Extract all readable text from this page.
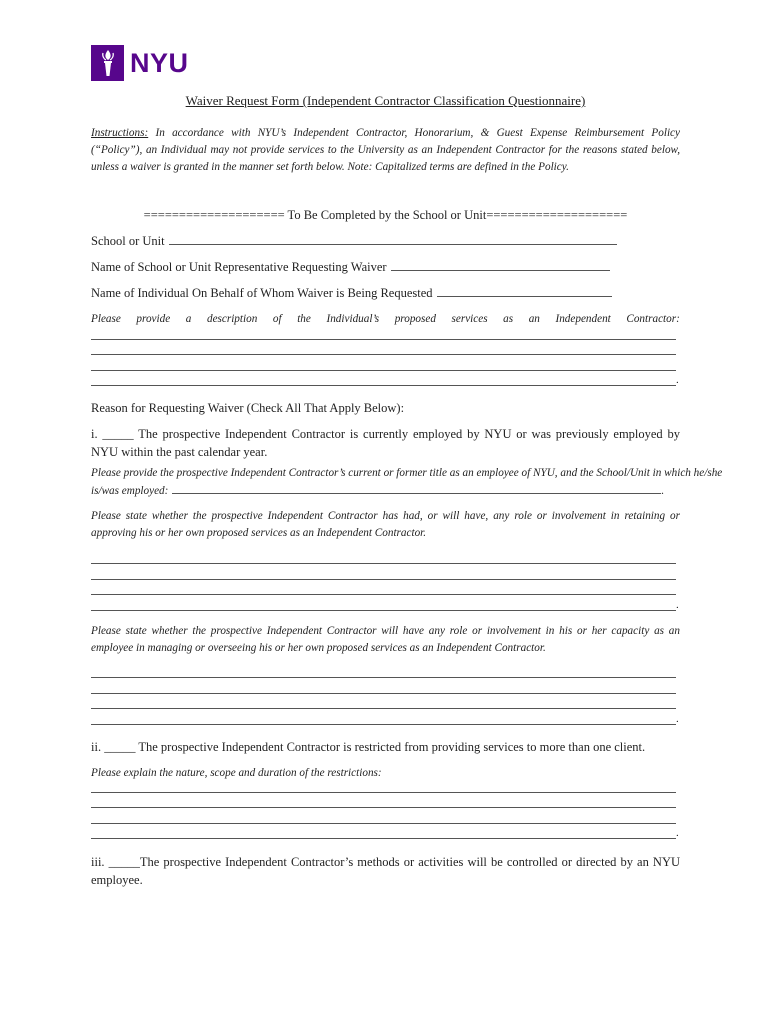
NYU
Waiver Request Form (Independent Contractor Classification Questionnaire)
Instructions: In accordance with NYU’s Independent Contractor, Honorarium, & Guest Expense Reimbursement Policy (“Policy”), an Individual may not provide services to the University as an Independent Contractor for the reasons stated below, unless a waiver is granted in the manner set forth below. Note: Capitalized terms are defined in the Policy.
==================== To Be Completed by the School or Unit====================
School or Unit
Name of School or Unit Representative Requesting Waiver
Name of Individual On Behalf of Whom Waiver is Being Requested
Please provide a description of the Individual’s proposed services as an Independent Contractor:
.
Reason for Requesting Waiver (Check All That Apply Below):
i. _____ The prospective Independent Contractor is currently employed by NYU or was previously employed by NYU within the past calendar year.
Please provide the prospective Independent Contractor’s current or former title as an employee of NYU, and the School/Unit in which he/she
is/was employed:	.
Please state whether the prospective Independent Contractor has had, or will have, any role or involvement in retaining or approving his or her own proposed services as an Independent Contractor.
.
Please state whether the prospective Independent Contractor will have any role or involvement in his or her capacity as an employee in managing or overseeing his or her own proposed services as an Independent Contractor.
.
ii. _____ The prospective Independent Contractor is restricted from providing services to more than one client.
Please explain the nature, scope and duration of the restrictions:
.
iii. _____The prospective Independent Contractor’s methods or activities will be controlled or directed by an NYU employee.
